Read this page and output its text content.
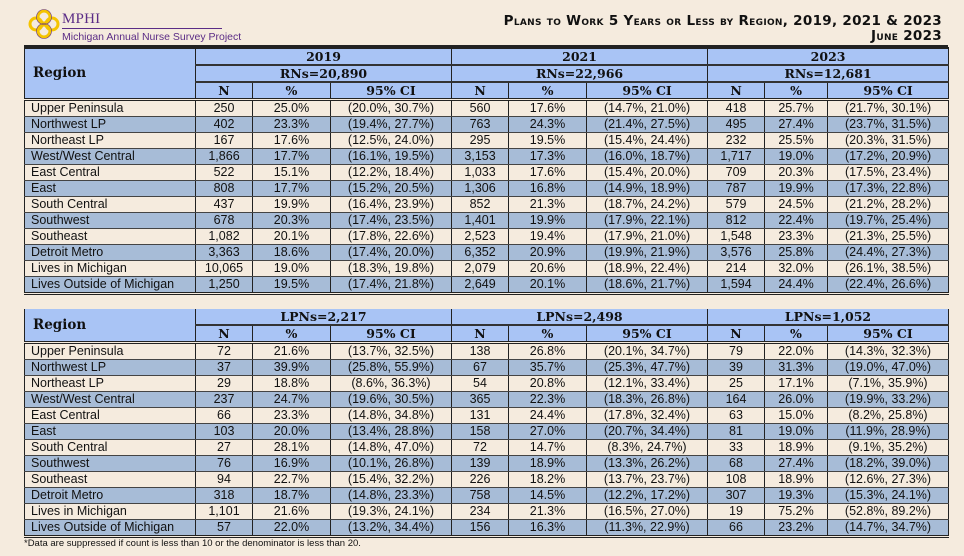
MPHI
Michigan Annual Nurse Survey Project
Plans to Work 5 Years or Less by Region, 2019, 2021 & 2023
June 2023
Region	2019			2021			2023		
	RNs=20,890			RNs=22,966			RNs=12,681		
	N	%	95% CI	N	%	95% CI	N	%	95% CI
Upper Peninsula	250	25.0%	(20.0%, 30.7%)	560	17.6%	(14.7%, 21.0%)	418	25.7%	(21.7%, 30.1%)
Northwest LP	402	23.3%	(19.4%, 27.7%)	763	24.3%	(21.4%, 27.5%)	495	27.4%	(23.7%, 31.5%)
Northeast LP	167	17.6%	(12.5%, 24.0%)	295	19.5%	(15.4%, 24.4%)	232	25.5%	(20.3%, 31.5%)
West/West Central	1,866	17.7%	(16.1%, 19.5%)	3,153	17.3%	(16.0%, 18.7%)	1,717	19.0%	(17.2%, 20.9%)
East Central	522	15.1%	(12.2%, 18.4%)	1,033	17.6%	(15.4%, 20.0%)	709	20.3%	(17.5%, 23.4%)
East	808	17.7%	(15.2%, 20.5%)	1,306	16.8%	(14.9%, 18.9%)	787	19.9%	(17.3%, 22.8%)
South Central	437	19.9%	(16.4%, 23.9%)	852	21.3%	(18.7%, 24.2%)	579	24.5%	(21.2%, 28.2%)
Southwest	678	20.3%	(17.4%, 23.5%)	1,401	19.9%	(17.9%, 22.1%)	812	22.4%	(19.7%, 25.4%)
Southeast	1,082	20.1%	(17.8%, 22.6%)	2,523	19.4%	(17.9%, 21.0%)	1,548	23.3%	(21.3%, 25.5%)
Detroit Metro	3,363	18.6%	(17.4%, 20.0%)	6,352	20.9%	(19.9%, 21.9%)	3,576	25.8%	(24.4%, 27.3%)
Lives in Michigan	10,065	19.0%	(18.3%, 19.8%)	2,079	20.6%	(18.9%, 22.4%)	214	32.0%	(26.1%, 38.5%)
Lives Outside of Michigan	1,250	19.5%	(17.4%, 21.8%)	2,649	20.1%	(18.6%, 21.7%)	1,594	24.4%	(22.4%, 26.6%)
Region	LPNs=2,217			LPNs=2,498			LPNs=1,052		
	N	%	95% CI	N	%	95% CI	N	%	95% CI
Upper Peninsula	72	21.6%	(13.7%, 32.5%)	138	26.8%	(20.1%, 34.7%)	79	22.0%	(14.3%, 32.3%)
Northwest LP	37	39.9%	(25.8%, 55.9%)	67	35.7%	(25.3%, 47.7%)	39	31.3%	(19.0%, 47.0%)
Northeast LP	29	18.8%	(8.6%, 36.3%)	54	20.8%	(12.1%, 33.4%)	25	17.1%	(7.1%, 35.9%)
West/West Central	237	24.7%	(19.6%, 30.5%)	365	22.3%	(18.3%, 26.8%)	164	26.0%	(19.9%, 33.2%)
East Central	66	23.3%	(14.8%, 34.8%)	131	24.4%	(17.8%, 32.4%)	63	15.0%	(8.2%, 25.8%)
East	103	20.0%	(13.4%, 28.8%)	158	27.0%	(20.7%, 34.4%)	81	19.0%	(11.9%, 28.9%)
South Central	27	28.1%	(14.8%, 47.0%)	72	14.7%	(8.3%, 24.7%)	33	18.9%	(9.1%, 35.2%)
Southwest	76	16.9%	(10.1%, 26.8%)	139	18.9%	(13.3%, 26.2%)	68	27.4%	(18.2%, 39.0%)
Southeast	94	22.7%	(15.4%, 32.2%)	226	18.2%	(13.7%, 23.7%)	108	18.9%	(12.6%, 27.3%)
Detroit Metro	318	18.7%	(14.8%, 23.3%)	758	14.5%	(12.2%, 17.2%)	307	19.3%	(15.3%, 24.1%)
Lives in Michigan	1,101	21.6%	(19.3%, 24.1%)	234	21.3%	(16.5%, 27.0%)	19	75.2%	(52.8%, 89.2%)
Lives Outside of Michigan	57	22.0%	(13.2%, 34.4%)	156	16.3%	(11.3%, 22.9%)	66	23.2%	(14.7%, 34.7%)
*Data are suppressed if count is less than 10 or the denominator is less than 20.
